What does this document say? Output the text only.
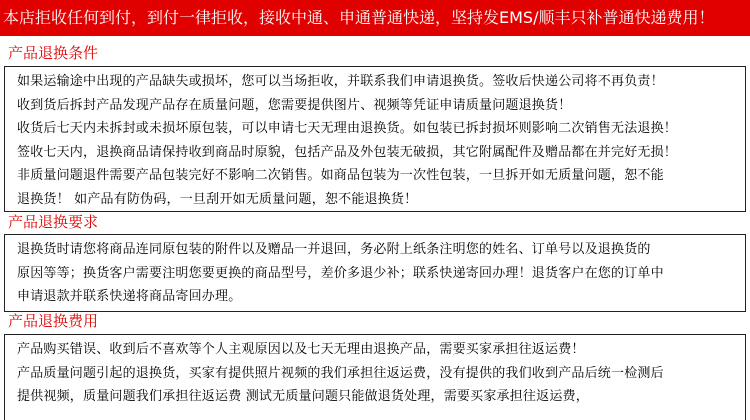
本店拒收任何到付，到付一律拒收，接收中通、申通普通快递，坚持发EMS/顺丰只补普通快递费用！
产品退换条件
如果运输途中出现的产品缺失或损坏，您可以当场拒收，并联系我们申请退换货。签收后快递公司将不再负责！
收到货后拆封产品发现产品存在质量问题，您需要提供图片、视频等凭证申请质量问题退换货！
收货后七天内未拆封或未损坏原包装，可以申请七天无理由退换货。如包装已拆封损坏则影响二次销售无法退换！
签收七天内，退换商品请保持收到商品时原貌，包括产品及外包装无破损，其它附属配件及赠品都在并完好无损！
非质量问题退件需要产品包装完好不影响二次销售。如商品包装为一次性包装，一旦拆开如无质量问题，恕不能
退换货！ 如产品有防伪码，一旦刮开如无质量问题，恕不能退换货！
产品退换要求
退换货时请您将商品连同原包装的附件以及赠品一并退回，务必附上纸条注明您的姓名、订单号以及退换货的
原因等等；换货客户需要注明您要更换的商品型号，差价多退少补；联系快递寄回办理！退货客户在您的订单中
申请退款并联系快递将商品寄回办理。
产品退换费用
产品购买错误、收到后不喜欢等个人主观原因以及七天无理由退换产品，需要买家承担往返运费！
产品质量问题引起的退换货，买家有提供照片视频的我们承担往返运费，没有提供的我们收到产品后统一检测后
提供视频，质量问题我们承担往返运费 测试无质量问题只能做退货处理，需要买家承担往返运费，
